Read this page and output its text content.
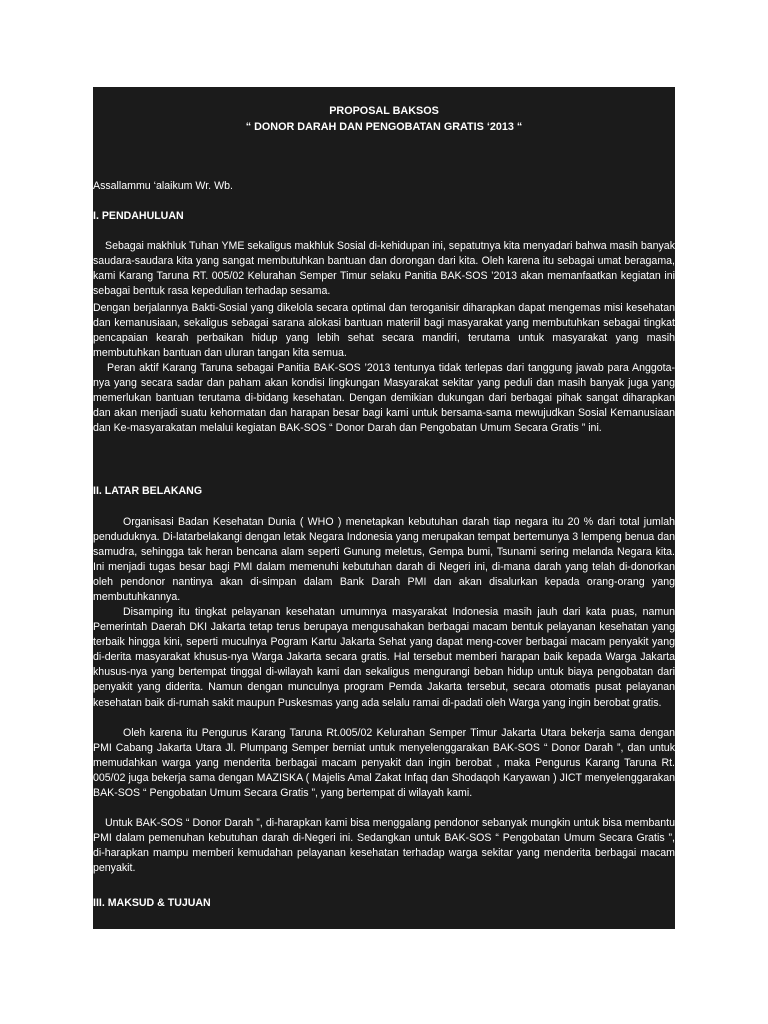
PROPOSAL BAKSOS
“ DONOR DARAH DAN PENGOBATAN GRATIS ‘2013 “

Assallammu ‘alaikum Wr. Wb.

I. PENDAHULUAN

Sebagai makhluk Tuhan YME sekaligus makhluk Sosial di-kehidupan ini, sepatutnya kita menyadari bahwa masih banyak saudara-saudara kita yang sangat membutuhkan bantuan dan dorongan dari kita. Oleh karena itu sebagai umat beragama, kami Karang Taruna RT. 005/02 Kelurahan Semper Timur selaku Panitia BAK-SOS ’2013 akan memanfaatkan kegiatan ini sebagai bentuk rasa kepedulian terhadap sesama.

Dengan berjalannya Bakti-Sosial yang dikelola secara optimal dan teroganisir diharapkan dapat mengemas misi kesehatan dan kemanusiaan, sekaligus sebagai sarana alokasi bantuan materiil bagi masyarakat yang membutuhkan sebagai tingkat pencapaian kearah perbaikan hidup yang lebih sehat secara mandiri, terutama untuk masyarakat yang masih membutuhkan bantuan dan uluran tangan kita semua.

Peran aktif Karang Taruna sebagai Panitia BAK-SOS ’2013 tentunya tidak terlepas dari tanggung jawab para Anggota-nya yang secara sadar dan paham akan kondisi lingkungan Masyarakat sekitar yang peduli dan masih banyak juga yang memerlukan bantuan terutama di-bidang kesehatan. Dengan demikian dukungan dari berbagai pihak sangat diharapkan dan akan menjadi suatu kehormatan dan harapan besar bagi kami untuk bersama-sama mewujudkan Sosial Kemanusiaan dan Ke-masyarakatan melalui kegiatan BAK-SOS “ Donor Darah dan Pengobatan Umum Secara Gratis ” ini.

II. LATAR BELAKANG

Organisasi Badan Kesehatan Dunia ( WHO ) menetapkan kebutuhan darah tiap negara itu 20 % dari total jumlah penduduknya. Di-latarbelakangi dengan letak Negara Indonesia yang merupakan tempat bertemunya 3 lempeng benua dan samudra, sehingga tak heran bencana alam seperti Gunung meletus, Gempa bumi, Tsunami sering melanda Negara kita. Ini menjadi tugas besar bagi PMI dalam memenuhi kebutuhan darah di Negeri ini, di-mana darah yang telah di-donorkan oleh pendonor nantinya akan di-simpan dalam Bank Darah PMI dan akan disalurkan kepada orang-orang yang membutuhkannya.

Disamping itu tingkat pelayanan kesehatan umumnya masyarakat Indonesia masih jauh dari kata puas, namun Pemerintah Daerah DKI Jakarta tetap terus berupaya mengusahakan berbagai macam bentuk pelayanan kesehatan yang terbaik hingga kini, seperti muculnya Pogram Kartu Jakarta Sehat yang dapat meng-cover berbagai macam penyakit yang di-derita masyarakat khusus-nya Warga Jakarta secara gratis. Hal tersebut memberi harapan baik kepada Warga Jakarta khusus-nya yang bertempat tinggal di-wilayah kami dan sekaligus mengurangi beban hidup untuk biaya pengobatan dari penyakit yang diderita. Namun dengan munculnya program Pemda Jakarta tersebut, secara otomatis pusat pelayanan kesehatan baik di-rumah sakit maupun Puskesmas yang ada selalu ramai di-padati oleh Warga yang ingin berobat gratis.

Oleh karena itu Pengurus Karang Taruna Rt.005/02 Kelurahan Semper Timur Jakarta Utara bekerja sama dengan PMI Cabang Jakarta Utara Jl. Plumpang Semper berniat untuk menyelenggarakan BAK-SOS “ Donor Darah ”, dan untuk memudahkan warga yang menderita berbagai macam penyakit dan ingin berobat , maka Pengurus Karang Taruna Rt. 005/02 juga bekerja sama dengan MAZISKA ( Majelis Amal Zakat Infaq dan Shodaqoh Karyawan ) JICT menyelenggarakan BAK-SOS “ Pengobatan Umum Secara Gratis ”, yang bertempat di wilayah kami.

Untuk BAK-SOS “ Donor Darah ”, di-harapkan kami bisa menggalang pendonor sebanyak mungkin untuk bisa membantu PMI dalam pemenuhan kebutuhan darah di-Negeri ini. Sedangkan untuk BAK-SOS “ Pengobatan Umum Secara Gratis ”, di-harapkan mampu memberi kemudahan pelayanan kesehatan terhadap warga sekitar yang menderita berbagai macam penyakit.

III. MAKSUD & TUJUAN
